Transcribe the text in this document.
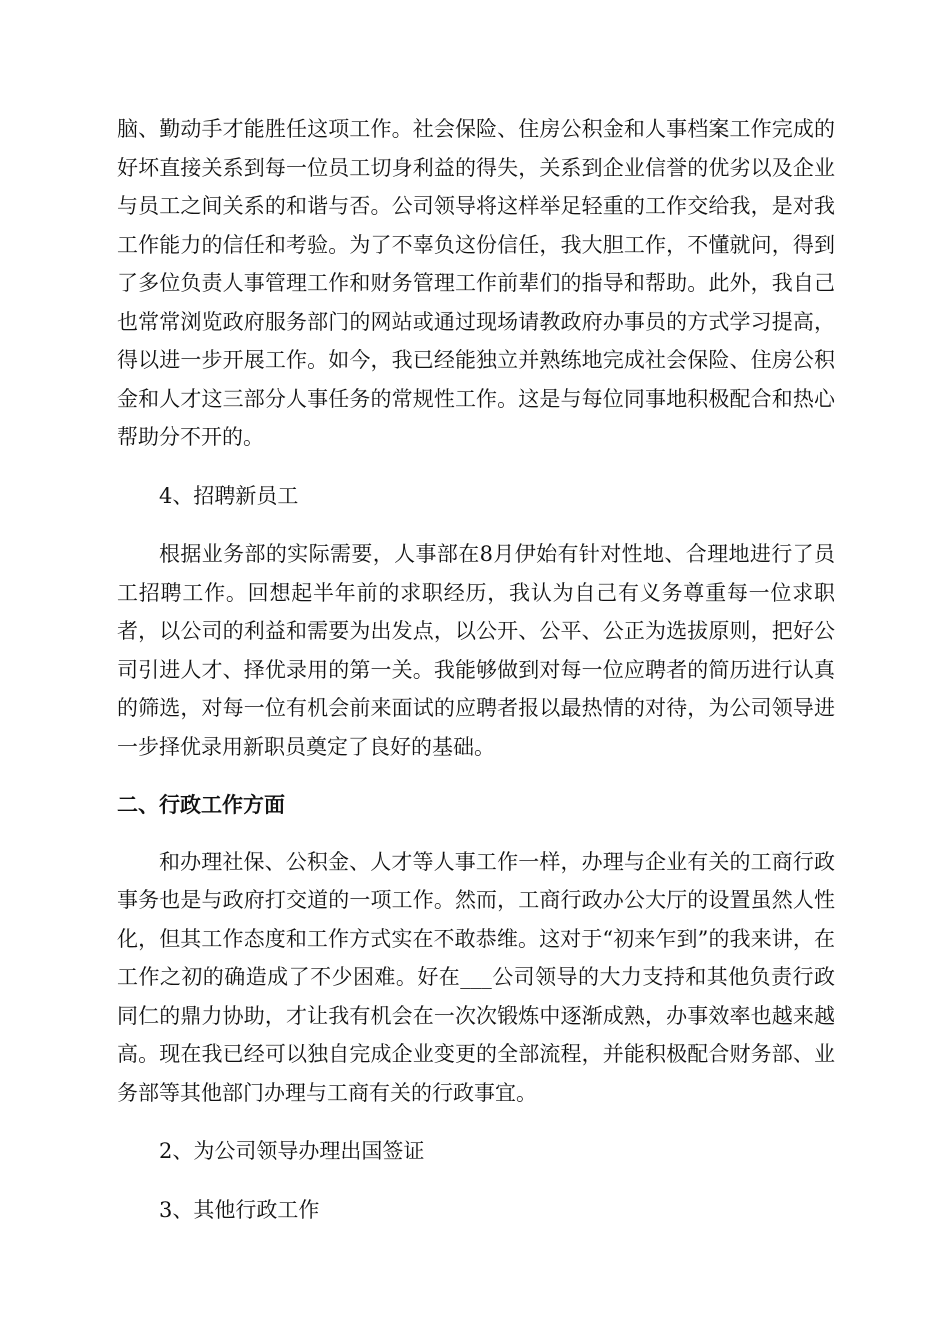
脑、勤动手才能胜任这项工作。社会保险、住房公积金和人事档案工作完成的好坏直接关系到每一位员工切身利益的得失，关系到企业信誉的优劣以及企业与员工之间关系的和谐与否。公司领导将这样举足轻重的工作交给我，是对我工作能力的信任和考验。为了不辜负这份信任，我大胆工作，不懂就问，得到了多位负责人事管理工作和财务管理工作前辈们的指导和帮助。此外，我自己也常常浏览政府服务部门的网站或通过现场请教政府办事员的方式学习提高，得以进一步开展工作。如今，我已经能独立并熟练地完成社会保险、住房公积金和人才这三部分人事任务的常规性工作。这是与每位同事地积极配合和热心帮助分不开的。

4、招聘新员工

根据业务部的实际需要，人事部在8月伊始有针对性地、合理地进行了员工招聘工作。回想起半年前的求职经历，我认为自己有义务尊重每一位求职者，以公司的利益和需要为出发点，以公开、公平、公正为选拔原则，把好公司引进人才、择优录用的第一关。我能够做到对每一位应聘者的简历进行认真的筛选，对每一位有机会前来面试的应聘者报以最热情的对待，为公司领导进一步择优录用新职员奠定了良好的基础。

二、行政工作方面

和办理社保、公积金、人才等人事工作一样，办理与企业有关的工商行政事务也是与政府打交道的一项工作。然而，工商行政办公大厅的设置虽然人性化，但其工作态度和工作方式实在不敢恭维。这对于“初来乍到”的我来讲，在工作之初的确造成了不少困难。好在___公司领导的大力支持和其他负责行政同仁的鼎力协助，才让我有机会在一次次锻炼中逐渐成熟，办事效率也越来越高。现在我已经可以独自完成企业变更的全部流程，并能积极配合财务部、业务部等其他部门办理与工商有关的行政事宜。

2、为公司领导办理出国签证

3、其他行政工作
